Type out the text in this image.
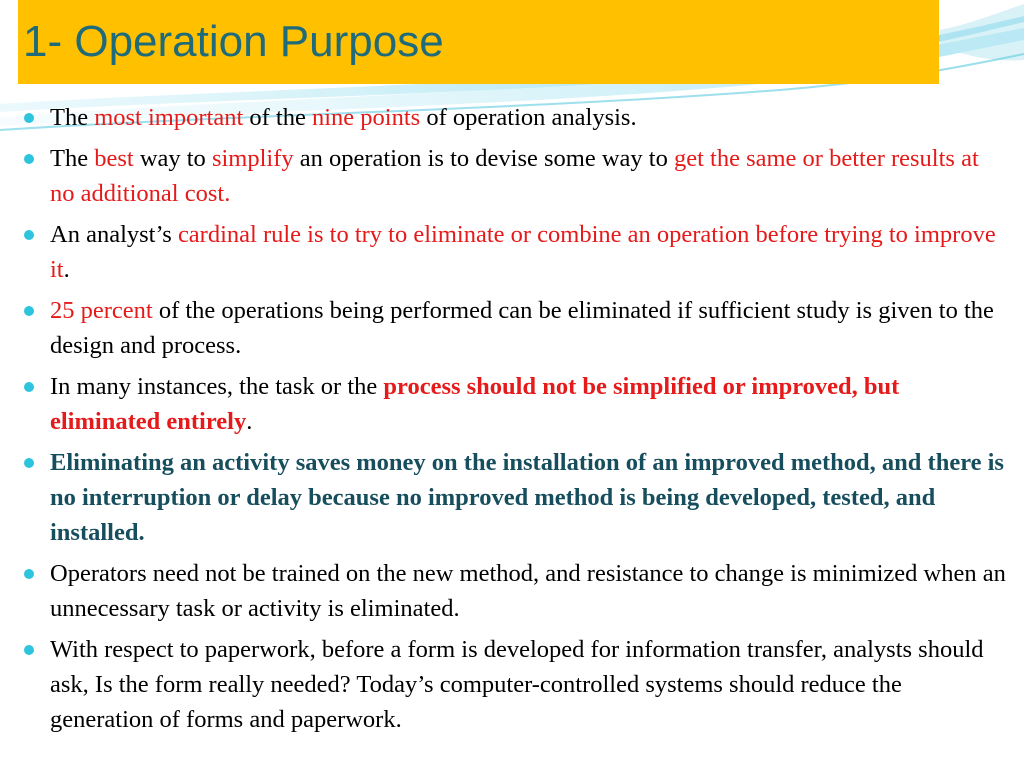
1- Operation Purpose
The most important of the nine points of operation analysis.
The best way to simplify an operation is to devise some way to get the same or better results at no additional cost.
An analyst’s cardinal rule is to try to eliminate or combine an operation before trying to improve it.
25 percent of the operations being performed can be eliminated if sufficient study is given to the design and process.
In many instances, the task or the process should not be simplified or improved, but eliminated entirely.
Eliminating an activity saves money on the installation of an improved method, and there is no interruption or delay because no improved method is being developed, tested, and installed.
Operators need not be trained on the new method, and resistance to change is minimized when an unnecessary task or activity is eliminated.
With respect to paperwork, before a form is developed for information transfer, analysts should ask, Is the form really needed? Today’s computer-controlled systems should reduce the generation of forms and paperwork.
